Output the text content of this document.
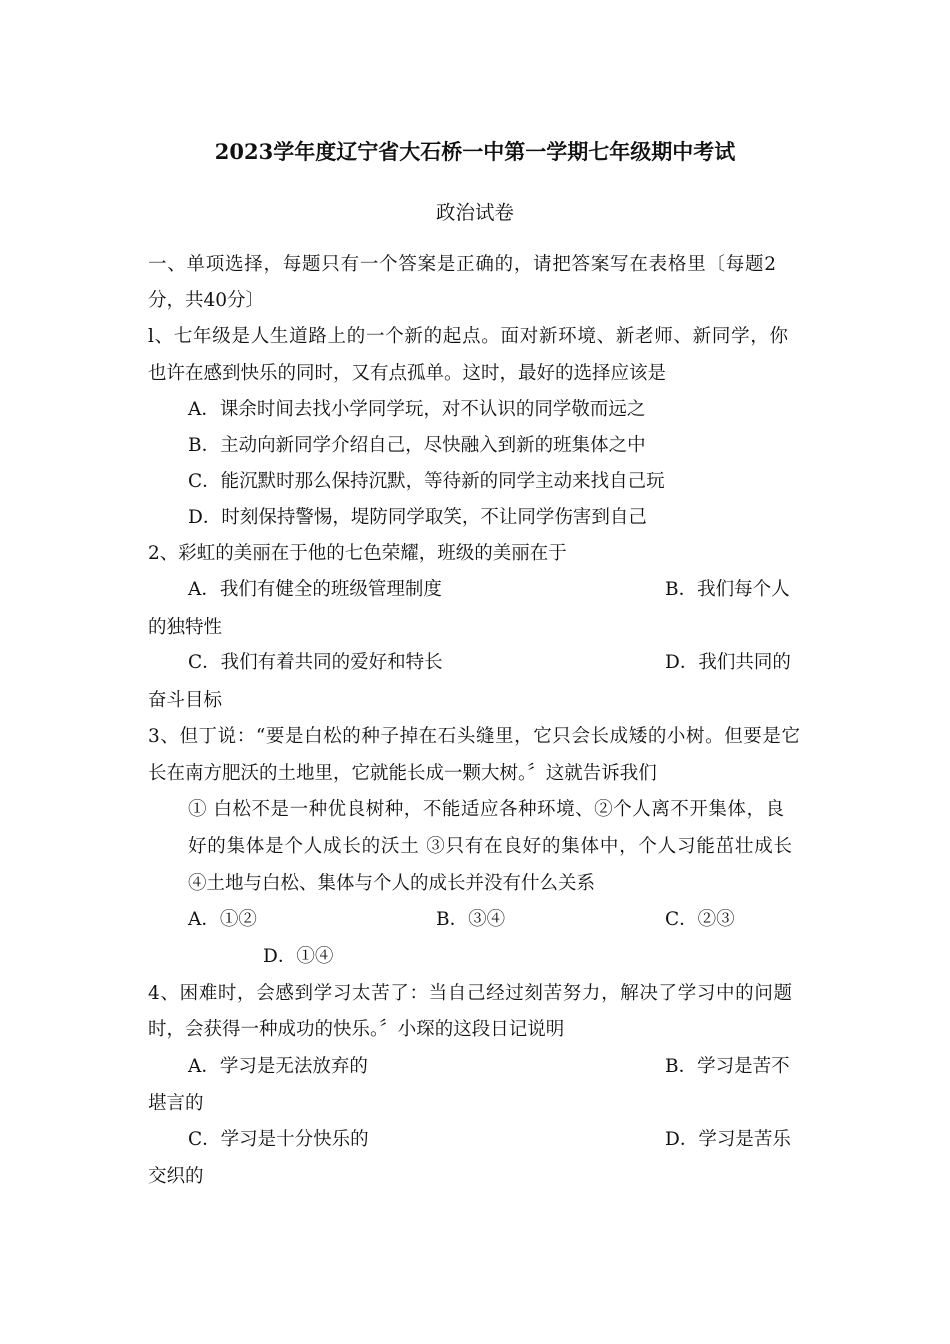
2023学年度辽宁省大石桥一中第一学期七年级期中考试
政治试卷
一、单项选择，每题只有一个答案是正确的，请把答案写在表格里〔每题2
分，共40分〕
l、七年级是人生道路上的一个新的起点。面对新环境、新老师、新同学，你
也许在感到快乐的同时，又有点孤单。这时，最好的选择应该是
A．课余时间去找小学同学玩，对不认识的同学敬而远之
B．主动向新同学介绍自己，尽快融入到新的班集体之中
C．能沉默时那么保持沉默，等待新的同学主动来找自己玩
D．时刻保持警惕，堤防同学取笑，不让同学伤害到自己
2、彩虹的美丽在于他的七色荣耀，班级的美丽在于
A．我们有健全的班级管理制度	B．我们每个人
的独特性
C．我们有着共同的爱好和特长	D．我们共同的
奋斗目标
3、但丁说：“要是白松的种子掉在石头缝里，它只会长成矮的小树。但要是它
长在南方肥沃的土地里，它就能长成一颗大树。〞这就告诉我们
① 白松不是一种优良树种，不能适应各种环境、②个人离不开集体，良
好的集体是个人成长的沃土 ③只有在良好的集体中，个人习能茁壮成长
④土地与白松、集体与个人的成长并没有什么关系
A．①②	B．③④	C．②③
D．①④
4、困难时，会感到学习太苦了：当自己经过刻苦努力，解决了学习中的问题
时，会获得一种成功的快乐。〞小琛的这段日记说明
A．学习是无法放弃的	B．学习是苦不
堪言的
C．学习是十分快乐的	D．学习是苦乐
交织的
